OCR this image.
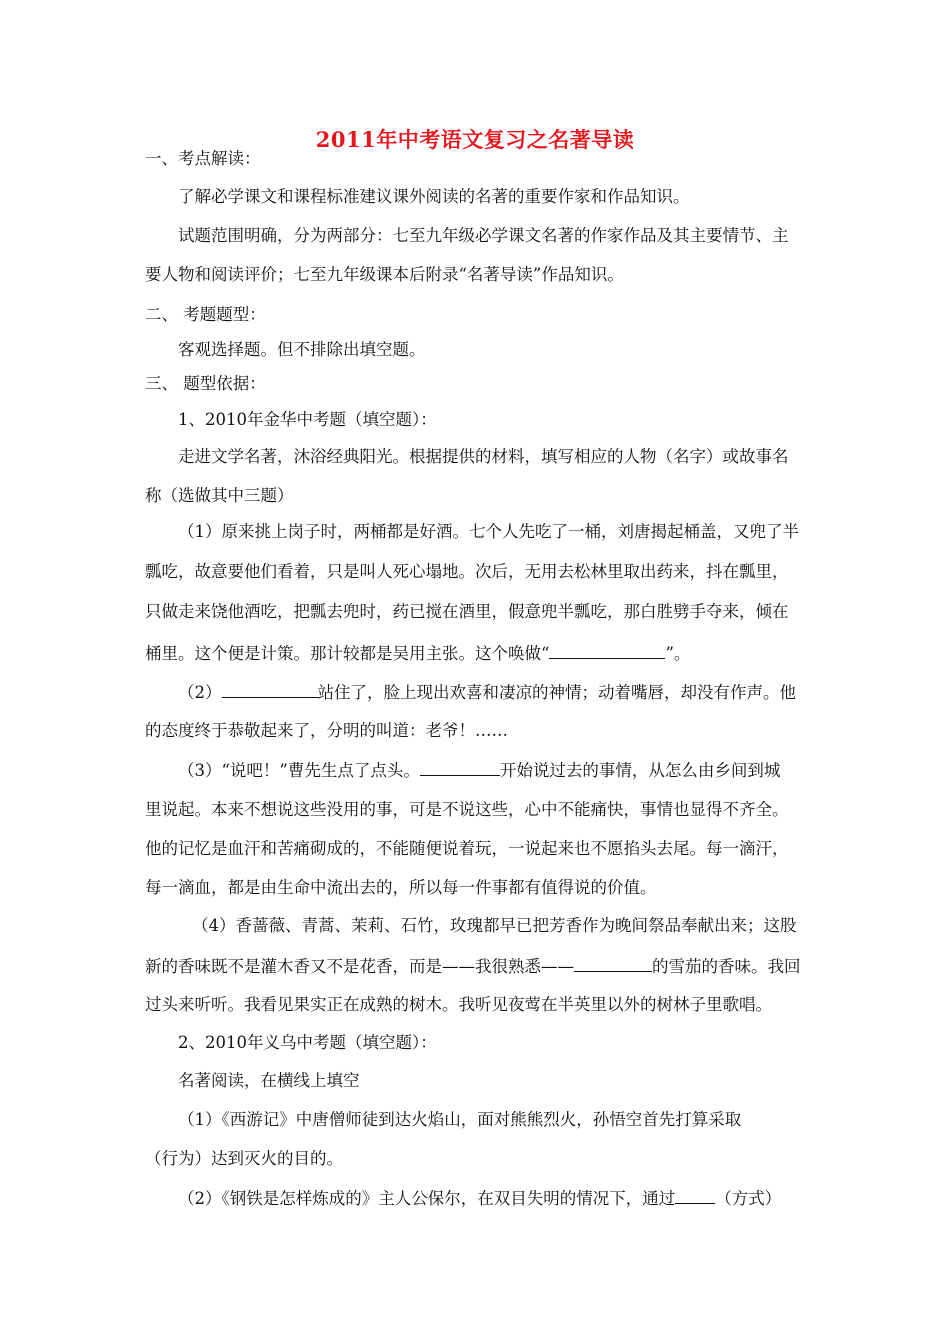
2011年中考语文复习之名著导读
一、考点解读：
了解必学课文和课程标准建议课外阅读的名著的重要作家和作品知识。
试题范围明确，分为两部分：七至九年级必学课文名著的作家作品及其主要情节、主
要人物和阅读评价；七至九年级课本后附录“名著导读”作品知识。
二、 考题题型：
客观选择题。但不排除出填空题。
三、 题型依据：
1、2010年金华中考题（填空题）：
走进文学名著，沐浴经典阳光。根据提供的材料，填写相应的人物（名字）或故事名
称（选做其中三题）
（1）原来挑上岗子时，两桶都是好酒。七个人先吃了一桶，刘唐揭起桶盖，又兜了半
瓢吃，故意要他们看着，只是叫人死心塌地。次后，无用去松林里取出药来，抖在瓢里，
只做走来饶他酒吃，把瓢去兜时，药已搅在酒里，假意兜半瓢吃，那白胜劈手夺来，倾在
桶里。这个便是计策。那计较都是吴用主张。这个唤做“	”。
（2）	站住了，脸上现出欢喜和凄凉的神情；动着嘴唇，却没有作声。他
的态度终于恭敬起来了，分明的叫道：老爷！……
（3）“说吧！”曹先生点了点头。	开始说过去的事情，从怎么由乡间到城
里说起。本来不想说这些没用的事，可是不说这些，心中不能痛快，事情也显得不齐全。
他的记忆是血汗和苦痛砌成的，不能随便说着玩，一说起来也不愿掐头去尾。每一滴汗，
每一滴血，都是由生命中流出去的，所以每一件事都有值得说的价值。
（4）香蔷薇、青蒿、茉莉、石竹，玫瑰都早已把芳香作为晚间祭品奉献出来；这股
新的香味既不是灌木香又不是花香，而是——我很熟悉——	的雪茄的香味。我回
过头来听听。我看见果实正在成熟的树木。我听见夜莺在半英里以外的树林子里歌唱。
2、2010年义乌中考题（填空题）：
名著阅读，在横线上填空
（1）《西游记》中唐僧师徒到达火焰山，面对熊熊烈火，孙悟空首先打算采取
（行为）达到灭火的目的。
（2）《钢铁是怎样炼成的》主人公保尔，在双目失明的情况下，通过 （方式）
